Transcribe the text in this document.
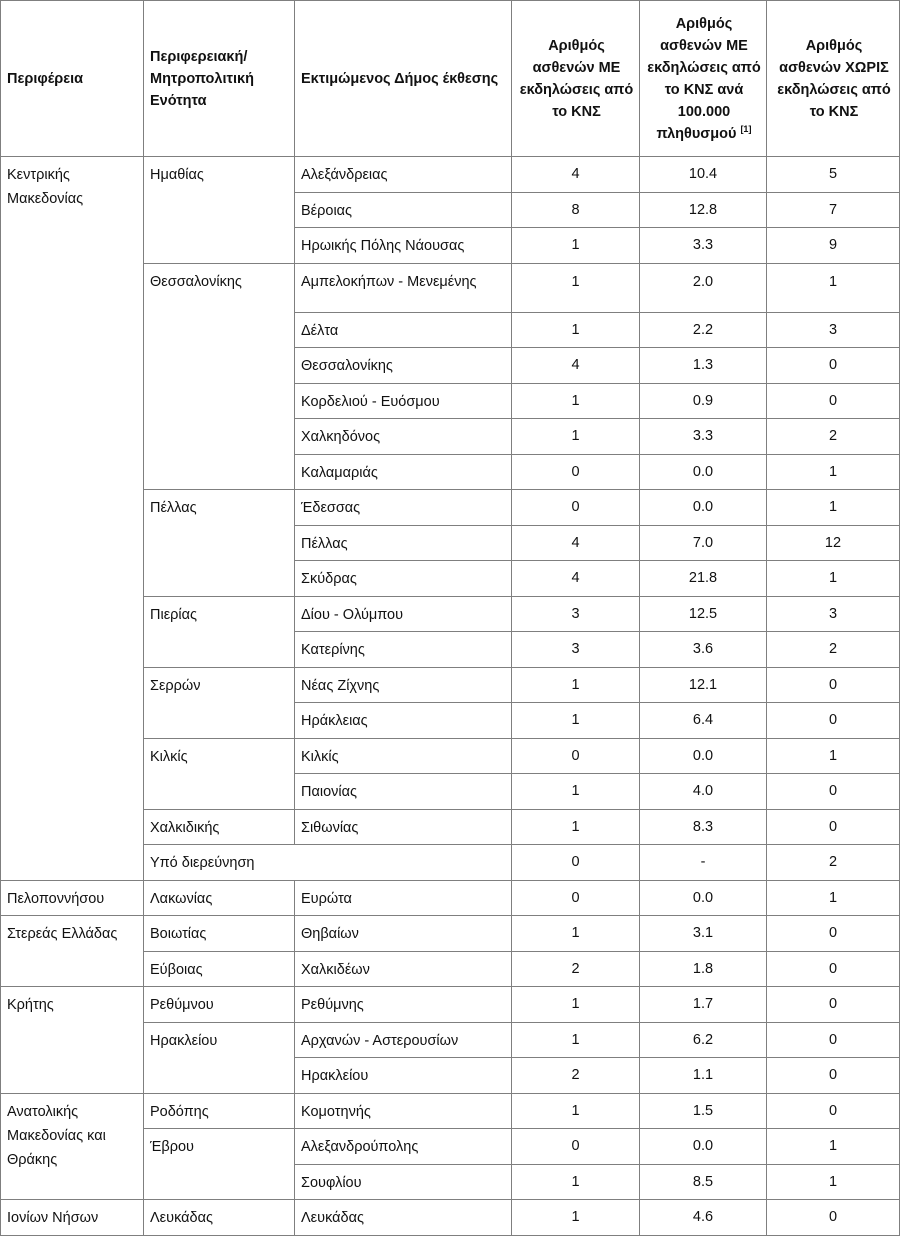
Περιφέρεια	Περιφερειακή/ Μητροπολιτική Ενότητα	Εκτιμώμενος Δήμος έκθεσης	Αριθμός ασθενών ΜΕ εκδηλώσεις από το ΚΝΣ	Αριθμός ασθενών ΜΕ εκδηλώσεις από το ΚΝΣ ανά 100.000 πληθυσμού [1]	Αριθμός ασθενών ΧΩΡΙΣ εκδηλώσεις από το ΚΝΣ
Κεντρικής Μακεδονίας	Ημαθίας	Αλεξάνδρειας	4	10.4	5
		Βέροιας	8	12.8	7
		Ηρωικής Πόλης Νάουσας	1	3.3	9
	Θεσσαλονίκης	Αμπελοκήπων - Μενεμένης	1	2.0	1
		Δέλτα	1	2.2	3
		Θεσσαλονίκης	4	1.3	0
		Κορδελιού - Ευόσμου	1	0.9	0
		Χαλκηδόνος	1	3.3	2
		Καλαμαριάς	0	0.0	1
	Πέλλας	Έδεσσας	0	0.0	1
		Πέλλας	4	7.0	12
		Σκύδρας	4	21.8	1
	Πιερίας	Δίου - Ολύμπου	3	12.5	3
		Κατερίνης	3	3.6	2
	Σερρών	Νέας Ζίχνης	1	12.1	0
		Ηράκλειας	1	6.4	0
	Κιλκίς	Κιλκίς	0	0.0	1
		Παιονίας	1	4.0	0
	Χαλκιδικής	Σιθωνίας	1	8.3	0
	Υπό διερεύνηση		0	-	2
Πελοποννήσου	Λακωνίας	Ευρώτα	0	0.0	1
Στερεάς Ελλάδας	Βοιωτίας	Θηβαίων	1	3.1	0
	Εύβοιας	Χαλκιδέων	2	1.8	0
Κρήτης	Ρεθύμνου	Ρεθύμνης	1	1.7	0
	Ηρακλείου	Αρχανών - Αστερουσίων	1	6.2	0
		Ηρακλείου	2	1.1	0
Ανατολικής Μακεδονίας και Θράκης	Ροδόπης	Κομοτηνής	1	1.5	0
	Έβρου	Αλεξανδρούπολης	0	0.0	1
		Σουφλίου	1	8.5	1
Ιονίων Νήσων	Λευκάδας	Λευκάδας	1	4.6	0
